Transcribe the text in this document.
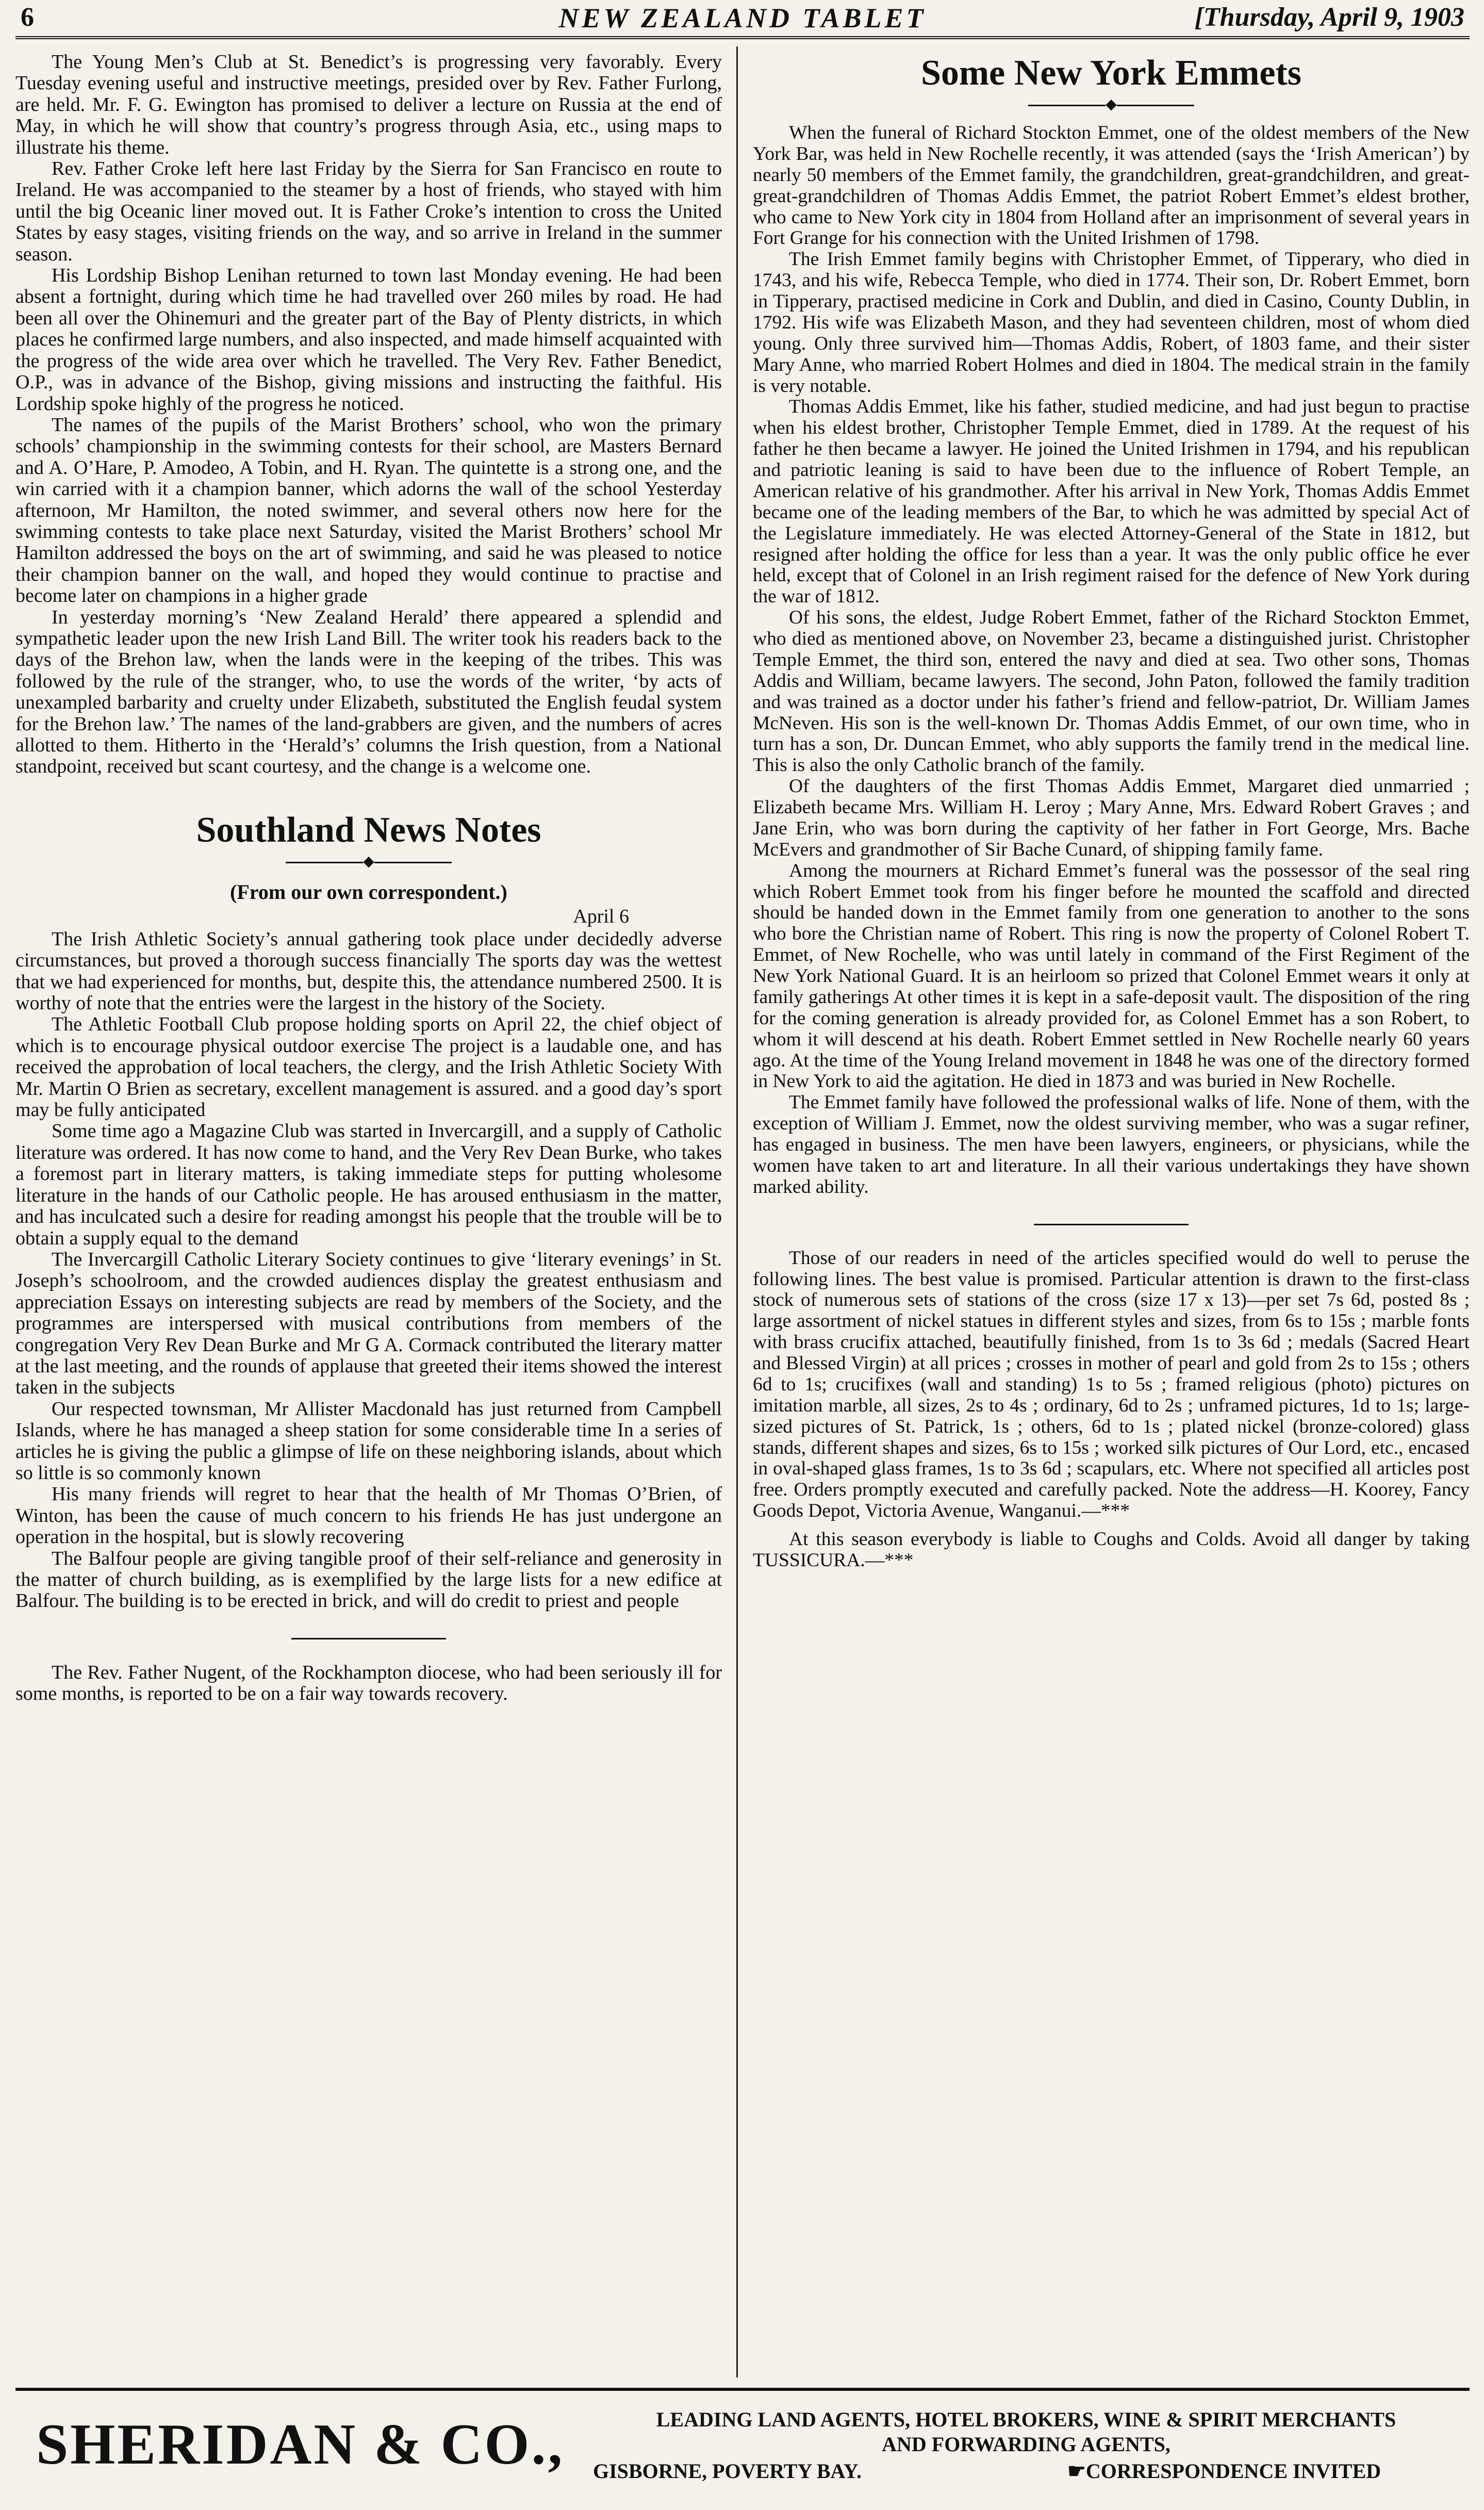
6	NEW ZEALAND TABLET	[Thursday, April 9, 1903

The Young Men’s Club at St. Benedict’s is progressing very favorably. Every Tuesday evening useful and instructive meetings, presided over by Rev. Father Furlong, are held. Mr. F. G. Ewington has promised to deliver a lecture on Russia at the end of May, in which he will show that country’s progress through Asia, etc., using maps to illustrate his theme.

Rev. Father Croke left here last Friday by the Sierra for San Francisco en route to Ireland. He was accompanied to the steamer by a host of friends, who stayed with him until the big Oceanic liner moved out. It is Father Croke’s intention to cross the United States by easy stages, visiting friends on the way, and so arrive in Ireland in the summer season.

His Lordship Bishop Lenihan returned to town last Monday evening. He had been absent a fortnight, during which time he had travelled over 260 miles by road. He had been all over the Ohinemuri and the greater part of the Bay of Plenty districts, in which places he confirmed large numbers, and also inspected, and made himself acquainted with the progress of the wide area over which he travelled. The Very Rev. Father Benedict, O.P., was in advance of the Bishop, giving missions and instructing the faithful. His Lordship spoke highly of the progress he noticed.

The names of the pupils of the Marist Brothers’ school, who won the primary schools’ championship in the swimming contests for their school, are Masters Bernard and A. O’Hare, P. Amodeo, A Tobin, and H. Ryan. The quintette is a strong one, and the win carried with it a champion banner, which adorns the wall of the school Yesterday afternoon, Mr Hamilton, the noted swimmer, and several others now here for the swimming contests to take place next Saturday, visited the Marist Brothers’ school Mr Hamilton addressed the boys on the art of swimming, and said he was pleased to notice their champion banner on the wall, and hoped they would continue to practise and become later on champions in a higher grade

In yesterday morning’s ‘New Zealand Herald’ there appeared a splendid and sympathetic leader upon the new Irish Land Bill. The writer took his readers back to the days of the Brehon law, when the lands were in the keeping of the tribes. This was followed by the rule of the stranger, who, to use the words of the writer, ‘by acts of unexampled barbarity and cruelty under Elizabeth, substituted the English feudal system for the Brehon law.’ The names of the land-grabbers are given, and the numbers of acres allotted to them. Hitherto in the ‘Herald’s’ columns the Irish question, from a National standpoint, received but scant courtesy, and the change is a welcome one.

Southland News Notes
◆
(From our own correspondent.)
April 6

The Irish Athletic Society’s annual gathering took place under decidedly adverse circumstances, but proved a thorough success financially The sports day was the wettest that we had experienced for months, but, despite this, the attendance numbered 2500. It is worthy of note that the entries were the largest in the history of the Society.

The Athletic Football Club propose holding sports on April 22, the chief object of which is to encourage physical outdoor exercise The project is a laudable one, and has received the approbation of local teachers, the clergy, and the Irish Athletic Society With Mr. Martin O Brien as secretary, excellent management is assured. and a good day’s sport may be fully anticipated

Some time ago a Magazine Club was started in Invercargill, and a supply of Catholic literature was ordered. It has now come to hand, and the Very Rev Dean Burke, who takes a foremost part in literary matters, is taking immediate steps for putting wholesome literature in the hands of our Catholic people. He has aroused enthusiasm in the matter, and has inculcated such a desire for reading amongst his people that the trouble will be to obtain a supply equal to the demand

The Invercargill Catholic Literary Society continues to give ‘literary evenings’ in St. Joseph’s schoolroom, and the crowded audiences display the greatest enthusiasm and appreciation Essays on interesting subjects are read by members of the Society, and the programmes are interspersed with musical contributions from members of the congregation Very Rev Dean Burke and Mr G A. Cormack contributed the literary matter at the last meeting, and the rounds of applause that greeted their items showed the interest taken in the subjects

Our respected townsman, Mr Allister Macdonald has just returned from Campbell Islands, where he has managed a sheep station for some considerable time In a series of articles he is giving the public a glimpse of life on these neighboring islands, about which so little is so commonly known

His many friends will regret to hear that the health of Mr Thomas O’Brien, of Winton, has been the cause of much concern to his friends He has just undergone an operation in the hospital, but is slowly recovering

The Balfour people are giving tangible proof of their self-reliance and generosity in the matter of church building, as is exemplified by the large lists for a new edifice at Balfour. The building is to be erected in brick, and will do credit to priest and people

The Rev. Father Nugent, of the Rockhampton diocese, who had been seriously ill for some months, is reported to be on a fair way towards recovery.

Some New York Emmets
◆

When the funeral of Richard Stockton Emmet, one of the oldest members of the New York Bar, was held in New Rochelle recently, it was attended (says the ‘Irish American’) by nearly 50 members of the Emmet family, the grandchildren, great-grandchildren, and great-great-grandchildren of Thomas Addis Emmet, the patriot Robert Emmet’s eldest brother, who came to New York city in 1804 from Holland after an imprisonment of several years in Fort Grange for his connection with the United Irishmen of 1798.

The Irish Emmet family begins with Christopher Emmet, of Tipperary, who died in 1743, and his wife, Rebecca Temple, who died in 1774. Their son, Dr. Robert Emmet, born in Tipperary, practised medicine in Cork and Dublin, and died in Casino, County Dublin, in 1792. His wife was Elizabeth Mason, and they had seventeen children, most of whom died young. Only three survived him—Thomas Addis, Robert, of 1803 fame, and their sister Mary Anne, who married Robert Holmes and died in 1804. The medical strain in the family is very notable.

Thomas Addis Emmet, like his father, studied medicine, and had just begun to practise when his eldest brother, Christopher Temple Emmet, died in 1789. At the request of his father he then became a lawyer. He joined the United Irishmen in 1794, and his republican and patriotic leaning is said to have been due to the influence of Robert Temple, an American relative of his grandmother. After his arrival in New York, Thomas Addis Emmet became one of the leading members of the Bar, to which he was admitted by special Act of the Legislature immediately. He was elected Attorney-General of the State in 1812, but resigned after holding the office for less than a year. It was the only public office he ever held, except that of Colonel in an Irish regiment raised for the defence of New York during the war of 1812.

Of his sons, the eldest, Judge Robert Emmet, father of the Richard Stockton Emmet, who died as mentioned above, on November 23, became a distinguished jurist. Christopher Temple Emmet, the third son, entered the navy and died at sea. Two other sons, Thomas Addis and William, became lawyers. The second, John Paton, followed the family tradition and was trained as a doctor under his father’s friend and fellow-patriot, Dr. William James McNeven. His son is the well-known Dr. Thomas Addis Emmet, of our own time, who in turn has a son, Dr. Duncan Emmet, who ably supports the family trend in the medical line. This is also the only Catholic branch of the family.

Of the daughters of the first Thomas Addis Emmet, Margaret died unmarried ; Elizabeth became Mrs. William H. Leroy ; Mary Anne, Mrs. Edward Robert Graves ; and Jane Erin, who was born during the captivity of her father in Fort George, Mrs. Bache McEvers and grandmother of Sir Bache Cunard, of shipping family fame.

Among the mourners at Richard Emmet’s funeral was the possessor of the seal ring which Robert Emmet took from his finger before he mounted the scaffold and directed should be handed down in the Emmet family from one generation to another to the sons who bore the Christian name of Robert. This ring is now the property of Colonel Robert T. Emmet, of New Rochelle, who was until lately in command of the First Regiment of the New York National Guard. It is an heirloom so prized that Colonel Emmet wears it only at family gatherings At other times it is kept in a safe-deposit vault. The disposition of the ring for the coming generation is already provided for, as Colonel Emmet has a son Robert, to whom it will descend at his death. Robert Emmet settled in New Rochelle nearly 60 years ago. At the time of the Young Ireland movement in 1848 he was one of the directory formed in New York to aid the agitation. He died in 1873 and was buried in New Rochelle.

The Emmet family have followed the professional walks of life. None of them, with the exception of William J. Emmet, now the oldest surviving member, who was a sugar refiner, has engaged in business. The men have been lawyers, engineers, or physicians, while the women have taken to art and literature. In all their various undertakings they have shown marked ability.

Those of our readers in need of the articles specified would do well to peruse the following lines. The best value is promised. Particular attention is drawn to the first-class stock of numerous sets of stations of the cross (size 17 x 13)—per set 7s 6d, posted 8s ; large assortment of nickel statues in different styles and sizes, from 6s to 15s ; marble fonts with brass crucifix attached, beautifully finished, from 1s to 3s 6d ; medals (Sacred Heart and Blessed Virgin) at all prices ; crosses in mother of pearl and gold from 2s to 15s ; others 6d to 1s; crucifixes (wall and standing) 1s to 5s ; framed religious (photo) pictures on imitation marble, all sizes, 2s to 4s ; ordinary, 6d to 2s ; unframed pictures, 1d to 1s; large-sized pictures of St. Patrick, 1s ; others, 6d to 1s ; plated nickel (bronze-colored) glass stands, different shapes and sizes, 6s to 15s ; worked silk pictures of Our Lord, etc., encased in oval-shaped glass frames, 1s to 3s 6d ; scapulars, etc. Where not specified all articles post free. Orders promptly executed and carefully packed. Note the address—H. Koorey, Fancy Goods Depot, Victoria Avenue, Wanganui.—***

At this season everybody is liable to Coughs and Colds. Avoid all danger by taking TUSSICURA.—***

SHERIDAN & CO.,	LEADING LAND AGENTS, HOTEL BROKERS, WINE & SPIRIT MERCHANTS
AND FORWARDING AGENTS,
GISBORNE, POVERTY BAY.	☛CORRESPONDENCE INVITED
